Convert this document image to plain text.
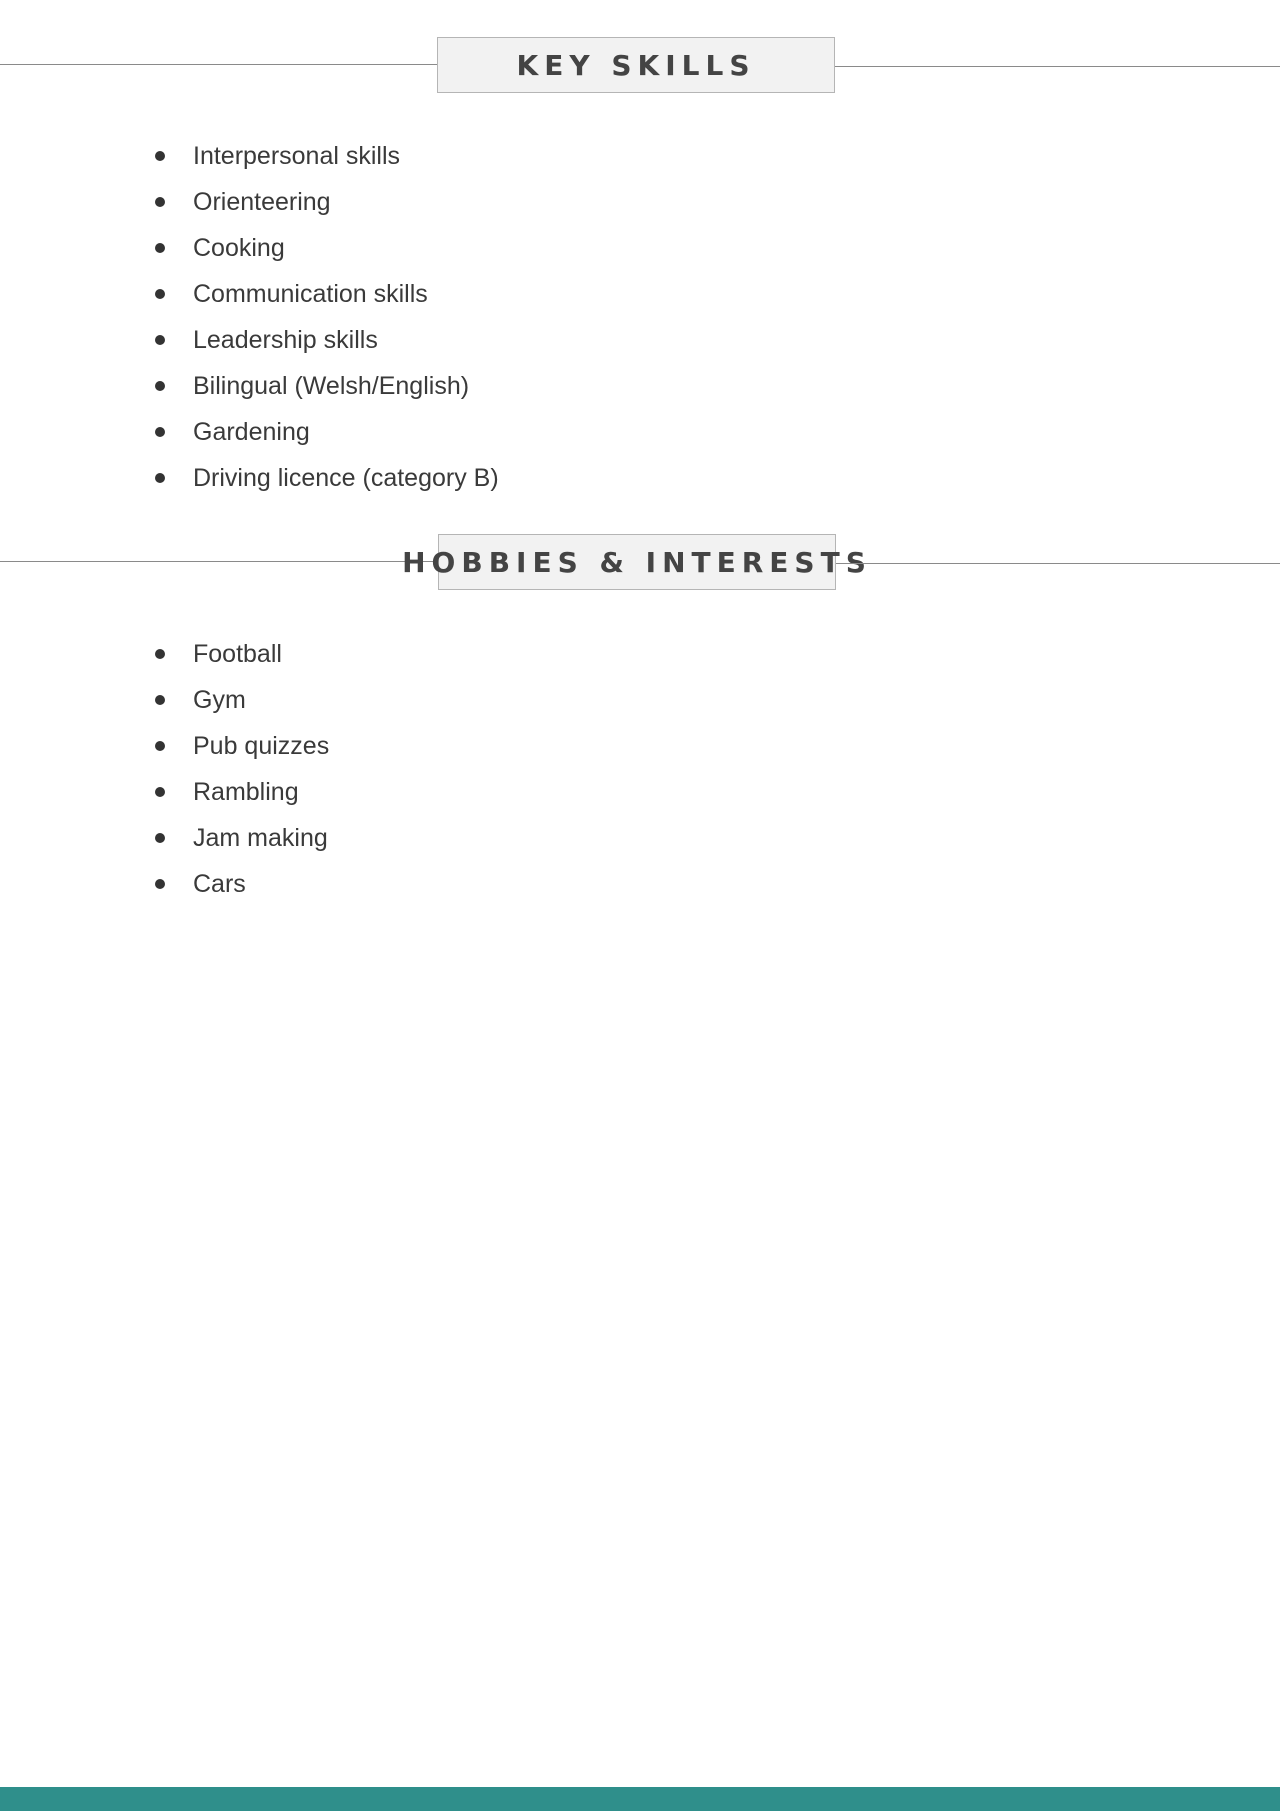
KEY SKILLS
Interpersonal skills
Orienteering
Cooking
Communication skills
Leadership skills
Bilingual (Welsh/English)
Gardening
Driving licence (category B)
HOBBIES & INTERESTS
Football
Gym
Pub quizzes
Rambling
Jam making
Cars
